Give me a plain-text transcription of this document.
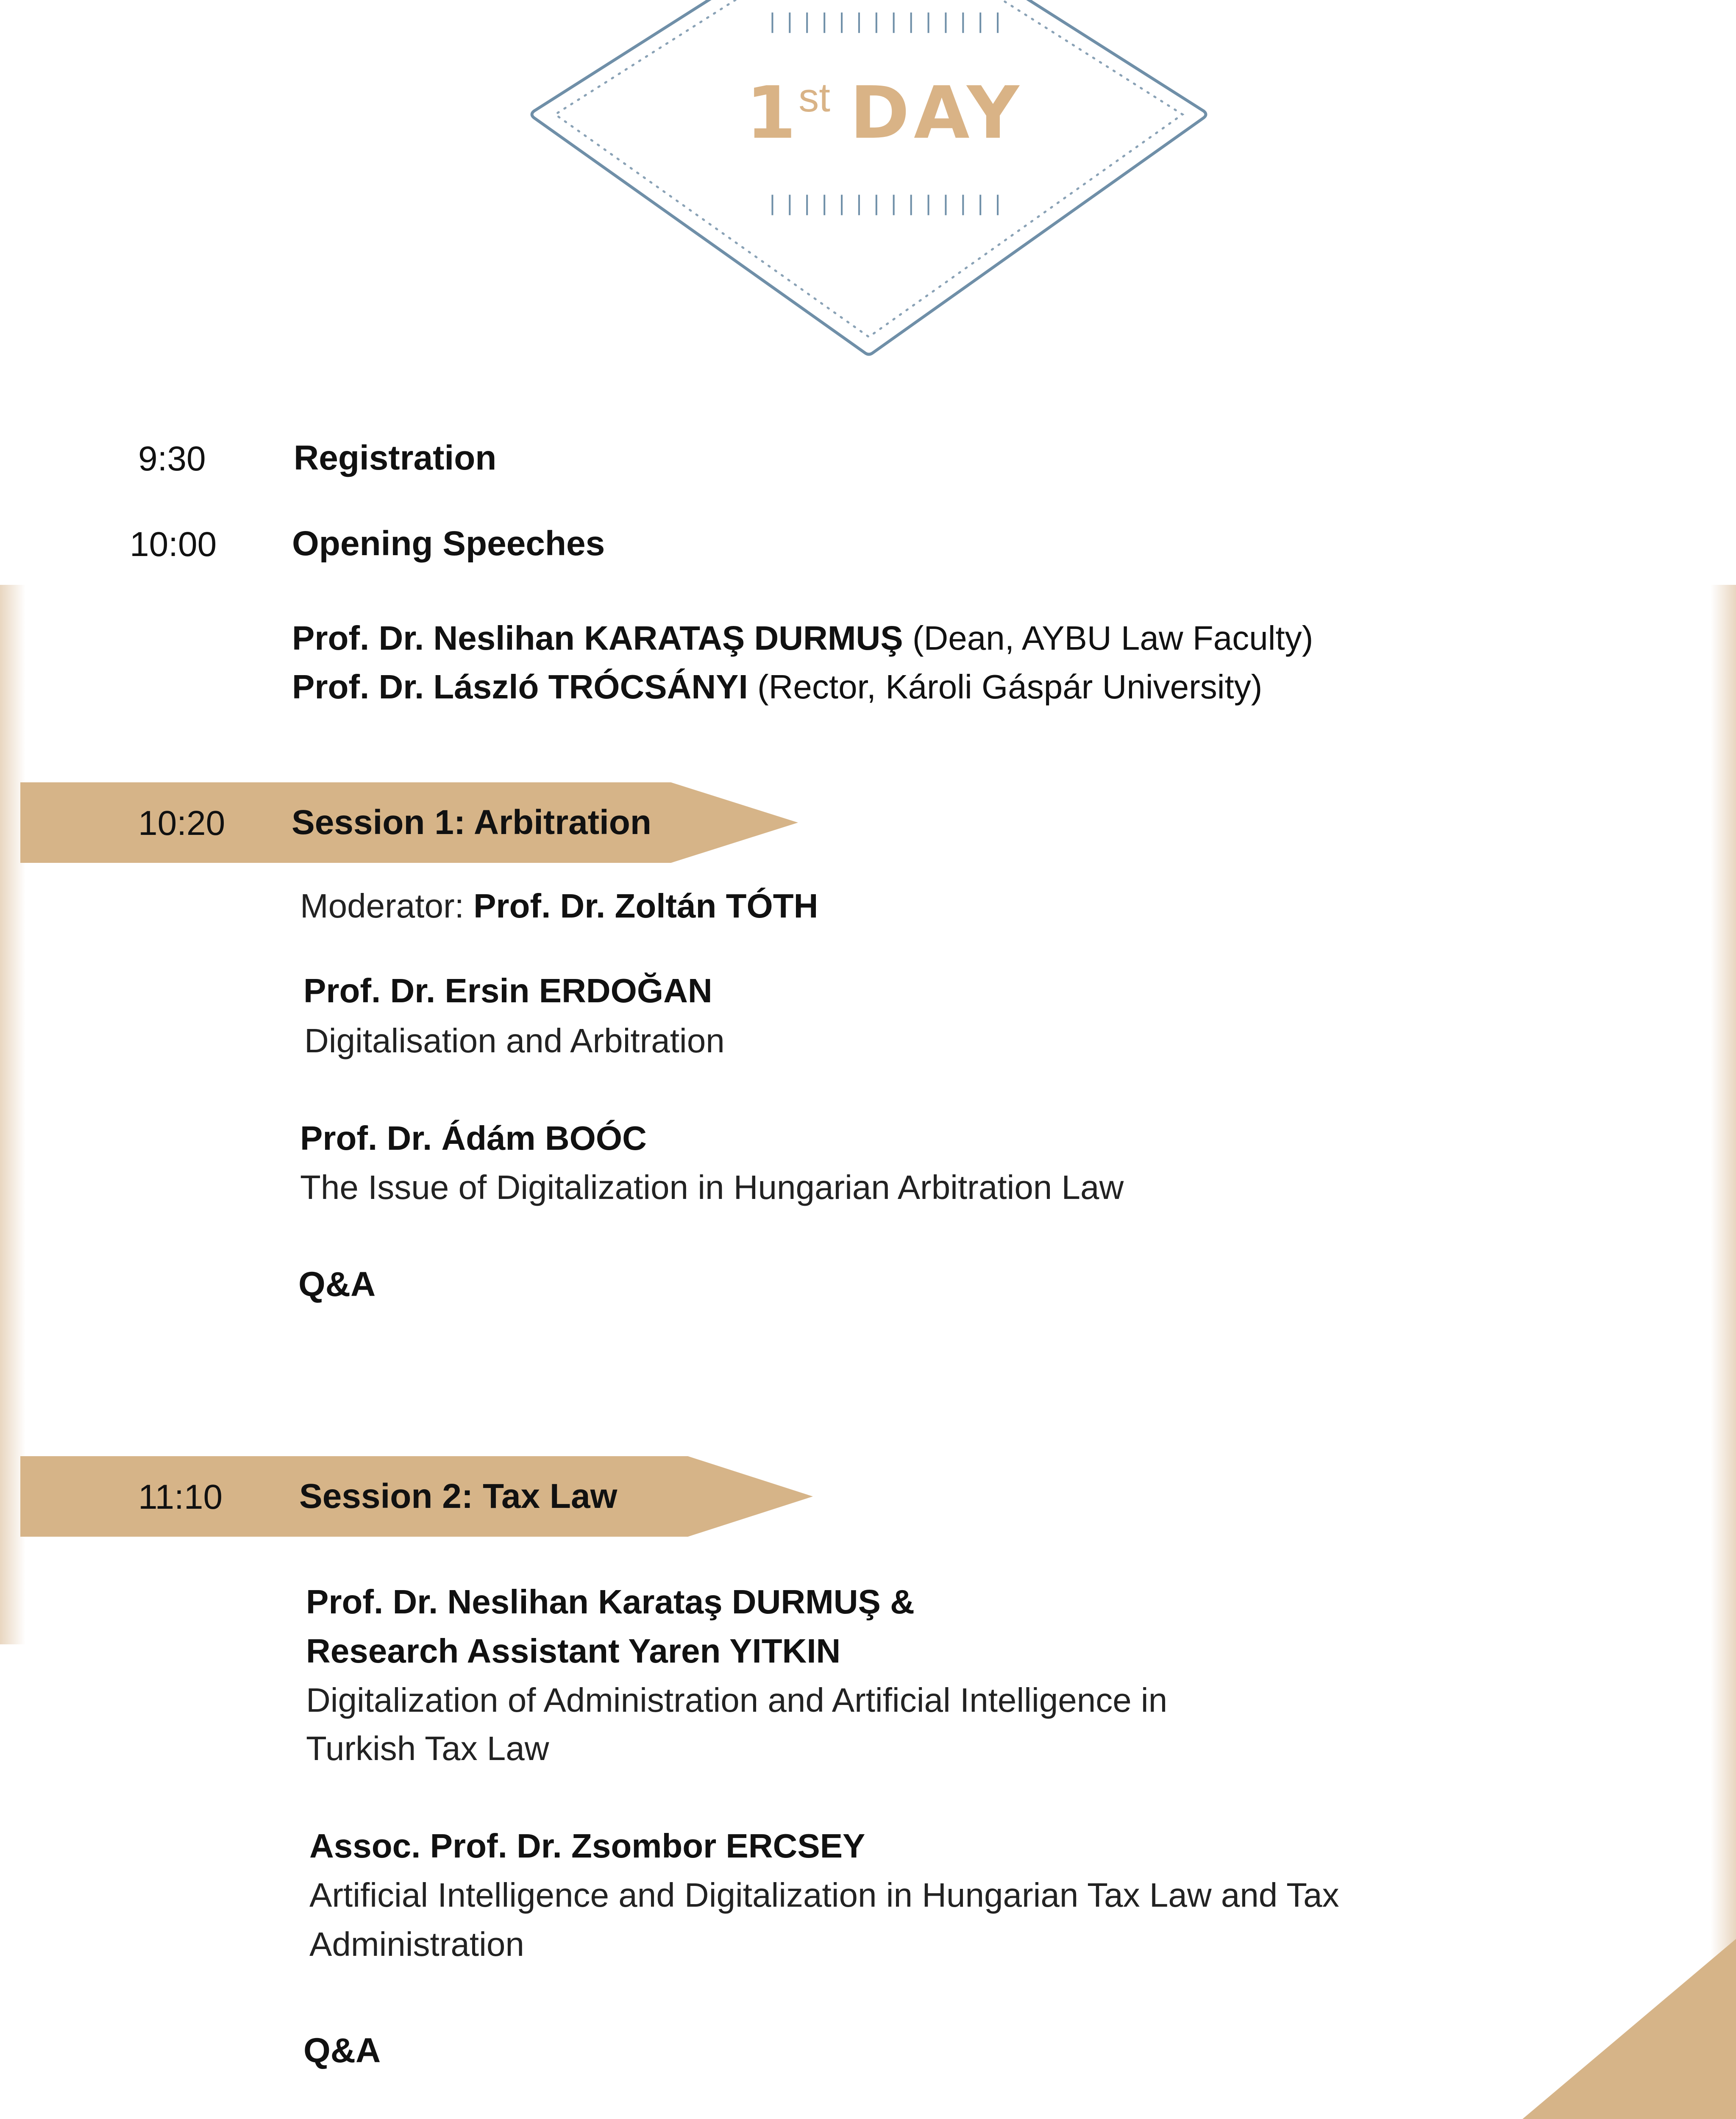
||||||||||||||
1st DAY
||||||||||||||
9:30	Registration
10:00 Opening Speeches
Prof. Dr. Neslihan KARATAŞ DURMUŞ (Dean, AYBU Law Faculty)
Prof. Dr. László TRÓCSÁNYI (Rector, Károli Gáspár University)
10:20 Session 1: Arbitration
Moderator: Prof. Dr. Zoltán TÓTH
Prof. Dr. Ersin ERDOĞAN
Digitalisation and Arbitration
Prof. Dr. Ádám BOÓC
The Issue of Digitalization in Hungarian Arbitration Law
Q&A
11:10 Session 2: Tax Law
Prof. Dr. Neslihan Karataş DURMUŞ &
Research Assistant Yaren YITKIN
Digitalization of Administration and Artificial Intelligence in
Turkish Tax Law
Assoc. Prof. Dr. Zsombor ERCSEY
Artificial Intelligence and Digitalization in Hungarian Tax Law and Tax
Administration
Q&A
